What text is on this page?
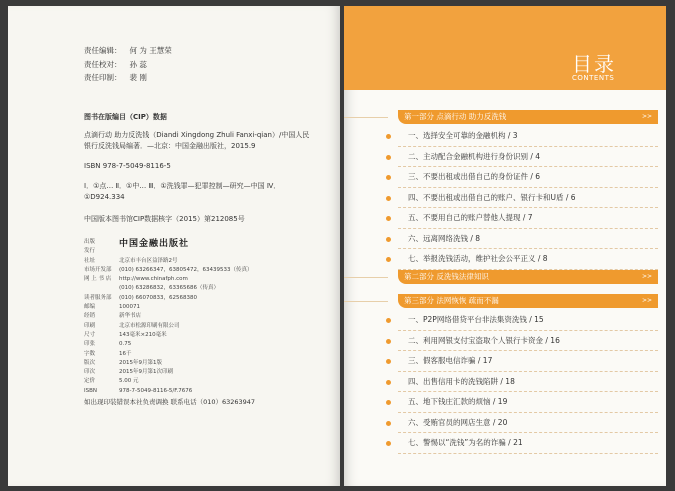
责任编辑： 何 为 王慧荣
责任校对： 孙 蕊
责任印制： 裴 刚
图书在版编目（CIP）数据

点滴行动 助力反洗钱（Diandi Xingdong Zhuli Fanxi-qian）/中国人民银行反洗钱局编著．—北京：中国金融出版社，2015.9

ISBN 978-7-5049-8116-5

Ⅰ．①点… Ⅱ．①中… Ⅲ．①洗钱罪—犯罪控制—研究—中国 Ⅳ．①D924.334

中国版本图书馆CIP数据核字（2015）第212085号

出版
发行
中国金融出版社
社址	北京市丰台区益泽路2号
市场开发部	(010) 63266347，63805472，63439533（传真）
网 上 书 店	http://www.chinafph.com
(010) 63286832，63365686（传真）
读者服务部	(010) 66070833，62568380
邮编	100071
经销	新华书店
印刷	北京市松源印刷有限公司
尺寸	143毫米×210毫米
印张	0.75
字数	16千
版次	2015年9月第1版
印次	2015年9月第1次印刷
定价	5.00 元
ISBN	978-7-5049-8116-5/F.7676
如出现印装错误本社负责调换 联系电话（010）63263947
目录
CONTENTS
第一部分 点滴行动 助力反洗钱	>>
一、选择安全可靠的金融机构 / 3
二、主动配合金融机构进行身份识别 / 4
三、不要出租或出借自己的身份证件 / 6
四、不要出租或出借自己的账户、银行卡和U盾 / 6
五、不要用自己的账户替他人提现 / 7
六、远离网络洗钱 / 8
七、举报洗钱活动，维护社会公平正义 / 8
第二部分 反洗钱法律知识	>>
第三部分 法网恢恢 疏而不漏	>>
一、P2P网络借贷平台非法集资洗钱 / 15
二、利用网银支付宝盗取个人银行卡资金 / 16
三、假客服电信诈骗 / 17
四、出售信用卡的洗钱陷阱 / 18
五、地下钱庄汇款的烦恼 / 19
六、受贿官员的网店生意 / 20
七、警惕以“洗钱”为名的诈骗 / 21
